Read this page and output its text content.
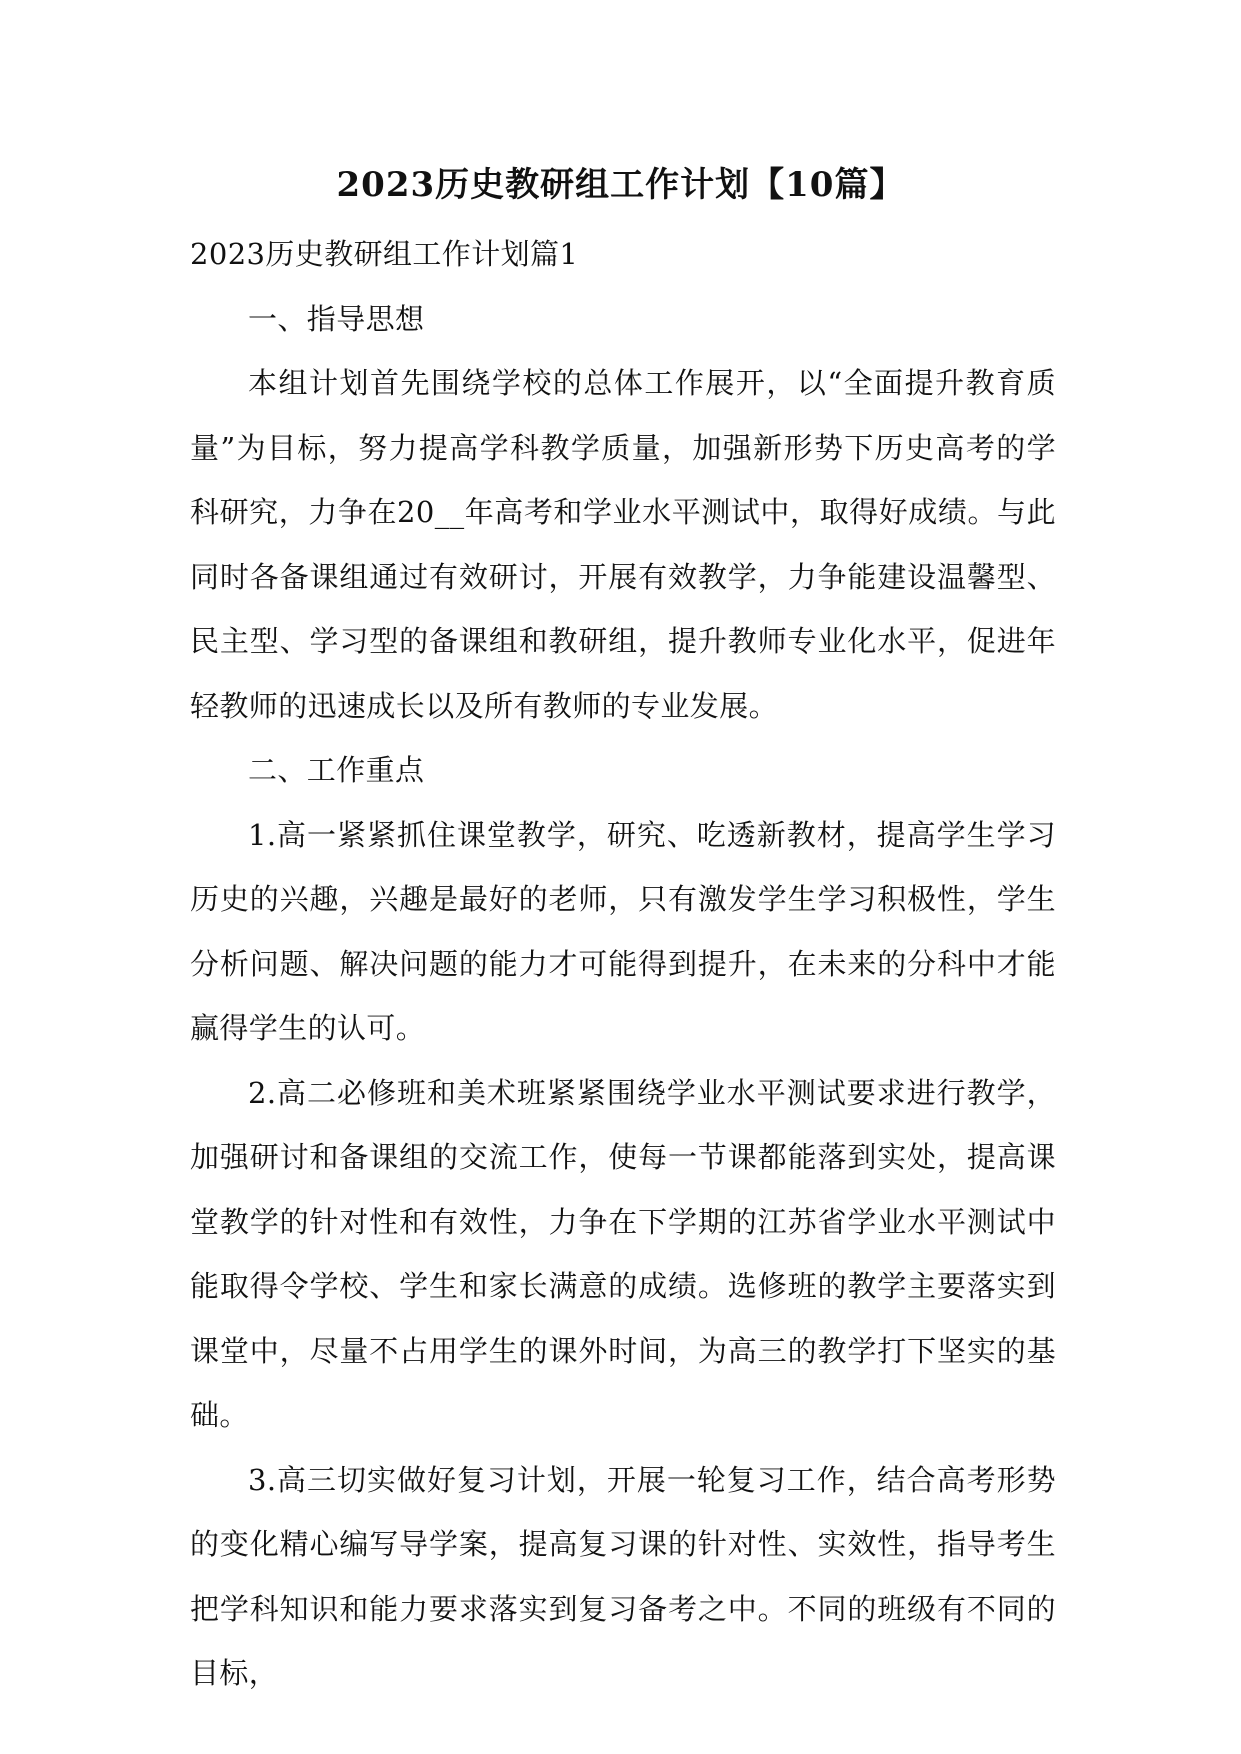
2023历史教研组工作计划【10篇】

2023历史教研组工作计划篇1

一、指导思想

本组计划首先围绕学校的总体工作展开，以“全面提升教育质量”为目标，努力提高学科教学质量，加强新形势下历史高考的学科研究，力争在20__年高考和学业水平测试中，取得好成绩。与此同时各备课组通过有效研讨，开展有效教学，力争能建设温馨型、民主型、学习型的备课组和教研组，提升教师专业化水平，促进年轻教师的迅速成长以及所有教师的专业发展。

二、工作重点

1.高一紧紧抓住课堂教学，研究、吃透新教材，提高学生学习历史的兴趣，兴趣是最好的老师，只有激发学生学习积极性，学生分析问题、解决问题的能力才可能得到提升，在未来的分科中才能赢得学生的认可。

2.高二必修班和美术班紧紧围绕学业水平测试要求进行教学，加强研讨和备课组的交流工作，使每一节课都能落到实处，提高课堂教学的针对性和有效性，力争在下学期的江苏省学业水平测试中能取得令学校、学生和家长满意的成绩。选修班的教学主要落实到课堂中，尽量不占用学生的课外时间，为高三的教学打下坚实的基础。

3.高三切实做好复习计划，开展一轮复习工作，结合高考形势的变化精心编写导学案，提高复习课的针对性、实效性，指导考生把学科知识和能力要求落实到复习备考之中。不同的班级有不同的目标，
